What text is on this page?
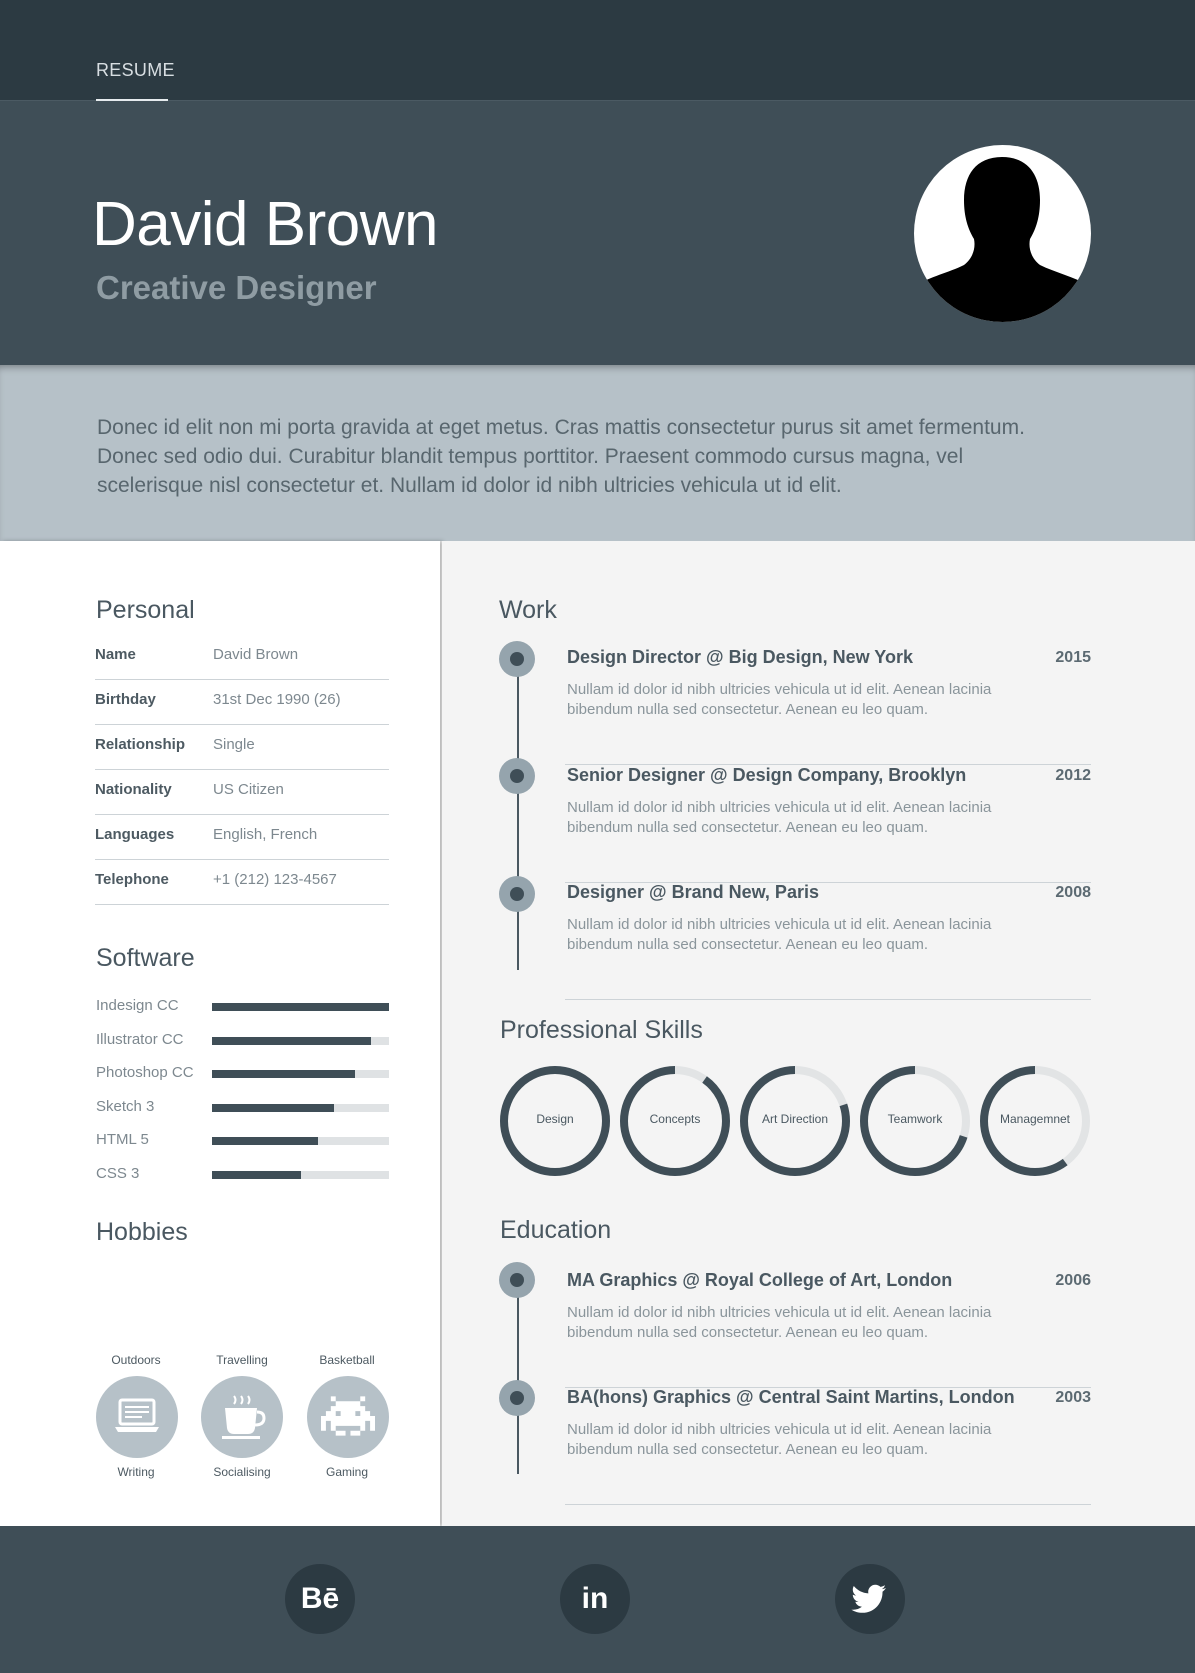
RESUME
David Brown
Creative Designer

Donec id elit non mi porta gravida at eget metus. Cras mattis consectetur purus sit amet fermentum. Donec sed odio dui. Curabitur blandit tempus porttitor. Praesent commodo cursus magna, vel scelerisque nisl consectetur et. Nullam id dolor id nibh ultricies vehicula ut id elit.

Personal
Name	David Brown
Birthday	31st Dec 1990 (26)
Relationship Single
Nationality	US Citizen
Languages	English, French
Telephone	+1 (212) 123-4567
Software
Indesign CC
Illustrator CC
Photoshop CC
Sketch 3
HTML 5
CSS 3
Hobbies
Outdoors	Travelling	Basketball
Writing	Socialising	Gaming
Work
Design Director @ Big Design, New York	2015
Nullam id dolor id nibh ultricies vehicula ut id elit. Aenean lacinia bibendum nulla sed consectetur. Aenean eu leo quam.
Senior Designer @ Design Company, Brooklyn	2012
Nullam id dolor id nibh ultricies vehicula ut id elit. Aenean lacinia bibendum nulla sed consectetur. Aenean eu leo quam.
Designer @ Brand New, Paris	2008
Nullam id dolor id nibh ultricies vehicula ut id elit. Aenean lacinia bibendum nulla sed consectetur. Aenean eu leo quam.
Professional Skills
Design	Concepts	Art Direction	Teamwork	Managemnet
Education
MA Graphics @ Royal College of Art, London	2006
Nullam id dolor id nibh ultricies vehicula ut id elit. Aenean lacinia bibendum nulla sed consectetur. Aenean eu leo quam.
BA(hons) Graphics @ Central Saint Martins, London	2003
Nullam id dolor id nibh ultricies vehicula ut id elit. Aenean lacinia bibendum nulla sed consectetur. Aenean eu leo quam.
Bē	in
